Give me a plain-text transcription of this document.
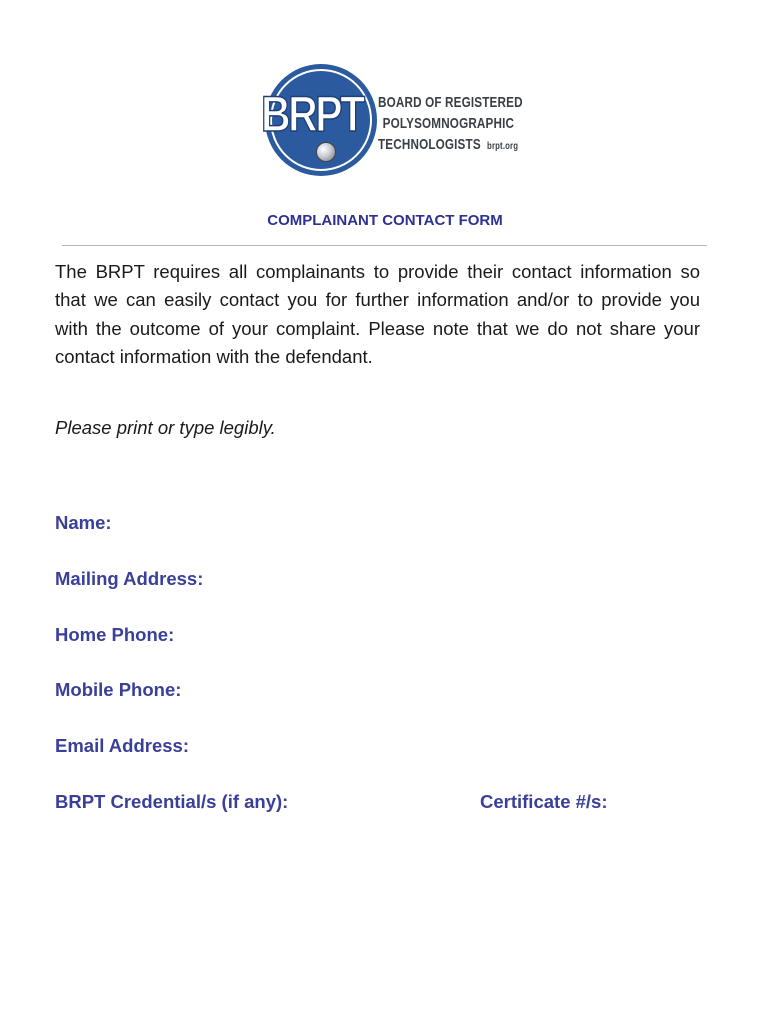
BRPT BOARD OF REGISTERED
POLYSOMNOGRAPHIC
TECHNOLOGISTS brpt.org
COMPLAINANT CONTACT FORM
The BRPT requires all complainants to provide their contact information so that we can easily contact you for further information and/or to provide you with the outcome of your complaint. Please note that we do not share your contact information with the defendant.
Please print or type legibly.
Name:
Mailing Address:
Home Phone:
Mobile Phone:
Email Address:
BRPT Credential/s (if any):	Certificate #/s:
